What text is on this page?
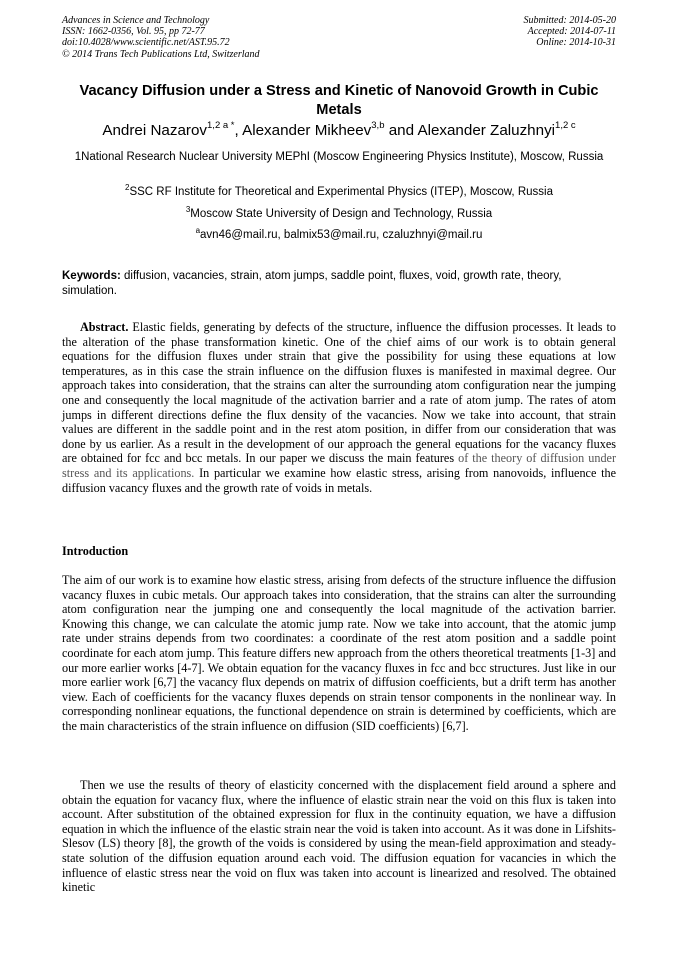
Advances in Science and Technology
ISSN: 1662-0356, Vol. 95, pp 72-77
doi:10.4028/www.scientific.net/AST.95.72
© 2014 Trans Tech Publications Ltd, Switzerland
Submitted: 2014-05-20
Accepted: 2014-07-11
Online: 2014-10-31
Vacancy Diffusion under a Stress and Kinetic of Nanovoid Growth in Cubic Metals
Andrei Nazarov$^{1,2 a *}$, Alexander Mikheev$^{3,b}$ and Alexander Zaluzhnyi$^{1,2 c}$
1National Research Nuclear University MEPhI (Moscow Engineering Physics Institute), Moscow, Russia
$^2$SSC RF Institute for Theoretical and Experimental Physics (ITEP), Moscow, Russia
$^3$Moscow State University of Design and Technology, Russia
$^a$avn46@mail.ru, balmix53@mail.ru, czaluzhnyi@mail.ru
Keywords: diffusion, vacancies, strain, atom jumps, saddle point, fluxes, void, growth rate, theory, simulation.
Abstract. Elastic fields, generating by defects of the structure, influence the diffusion processes. It leads to the alteration of the phase transformation kinetic. One of the chief aims of our work is to obtain general equations for the diffusion fluxes under strain that give the possibility for using these equations at low temperatures, as in this case the strain influence on the diffusion fluxes is manifested in maximal degree. Our approach takes into consideration, that the strains can alter the surrounding atom configuration near the jumping one and consequently the local magnitude of the activation barrier and a rate of atom jump. The rates of atom jumps in different directions define the flux density of the vacancies. Now we take into account, that strain values are different in the saddle point and in the rest atom position, in differ from our consideration that was done by us earlier. As a result in the development of our approach the general equations for the vacancy fluxes are obtained for fcc and bcc metals. In our paper we discuss the main features of the theory of diffusion under stress and its applications. In particular we examine how elastic stress, arising from nanovoids, influence the diffusion vacancy fluxes and the growth rate of voids in metals.
Introduction
The aim of our work is to examine how elastic stress, arising from defects of the structure influence the diffusion vacancy fluxes in cubic metals. Our approach takes into consideration, that the strains can alter the surrounding atom configuration near the jumping one and consequently the local magnitude of the activation barrier. Knowing this change, we can calculate the atomic jump rate. Now we take into account, that the atomic jump rate under strains depends from two coordinates: a coordinate of the rest atom position and a saddle point coordinate for each atom jump. This feature differs new approach from the others theoretical treatments [1-3] and our more earlier works [4-7]. We obtain equation for the vacancy fluxes in fcc and bcc structures. Just like in our more earlier work [6,7] the vacancy flux depends on matrix of diffusion coefficients, but a drift term has another view. Each of coefficients for the vacancy fluxes depends on strain tensor components in the nonlinear way. In corresponding nonlinear equations, the functional dependence on strain is determined by coefficients, which are the main characteristics of the strain influence on diffusion (SID coefficients) [6,7].
Then we use the results of theory of elasticity concerned with the displacement field around a sphere and obtain the equation for vacancy flux, where the influence of elastic strain near the void on this flux is taken into account. After substitution of the obtained expression for flux in the continuity equation, we have a diffusion equation in which the influence of the elastic strain near the void is taken into account. As it was done in Lifshits-Slesov (LS) theory [8], the growth of the voids is considered by using the mean-field approximation and steady-state solution of the diffusion equation around each void. The diffusion equation for vacancies in which the influence of elastic stress near the void on flux was taken into account is linearized and resolved. The obtained kinetic
